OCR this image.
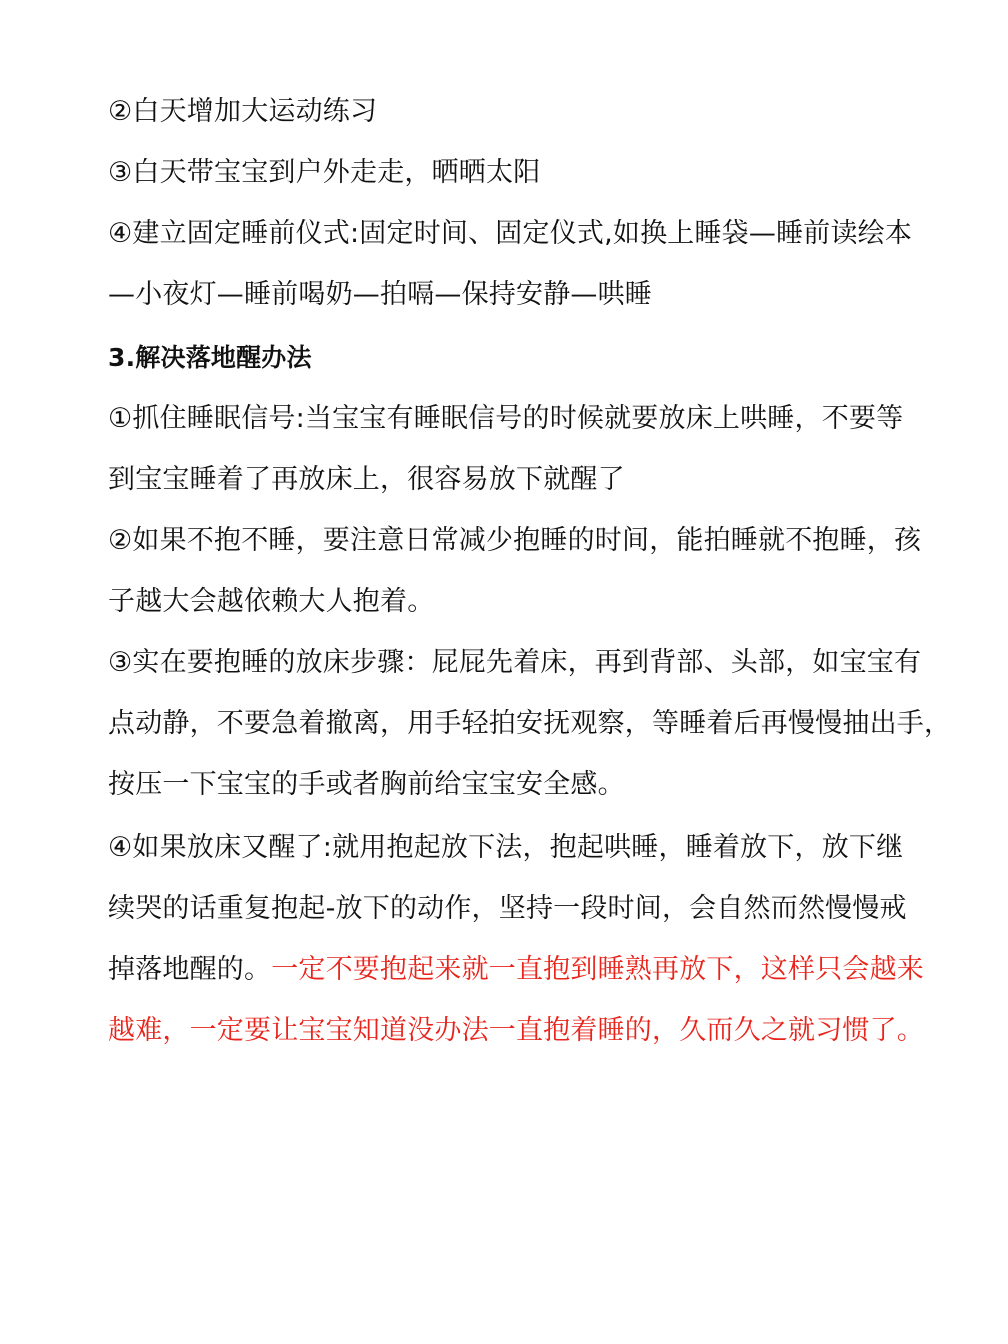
②白天增加大运动练习
③白天带宝宝到户外走走，晒晒太阳
④建立固定睡前仪式:固定时间、固定仪式,如换上睡袋—睡前读绘本
—小夜灯—睡前喝奶—拍嗝—保持安静—哄睡
3.解决落地醒办法
①抓住睡眠信号:当宝宝有睡眠信号的时候就要放床上哄睡，不要等
到宝宝睡着了再放床上，很容易放下就醒了
②如果不抱不睡，要注意日常减少抱睡的时间，能拍睡就不抱睡，孩
子越大会越依赖大人抱着。
③实在要抱睡的放床步骤：屁屁先着床，再到背部、头部，如宝宝有
点动静，不要急着撤离，用手轻拍安抚观察，等睡着后再慢慢抽出手，
按压一下宝宝的手或者胸前给宝宝安全感。
④如果放床又醒了:就用抱起放下法，抱起哄睡，睡着放下，放下继
续哭的话重复抱起-放下的动作，坚持一段时间，会自然而然慢慢戒
掉落地醒的。一定不要抱起来就一直抱到睡熟再放下，这样只会越来
越难，一定要让宝宝知道没办法一直抱着睡的，久而久之就习惯了。
